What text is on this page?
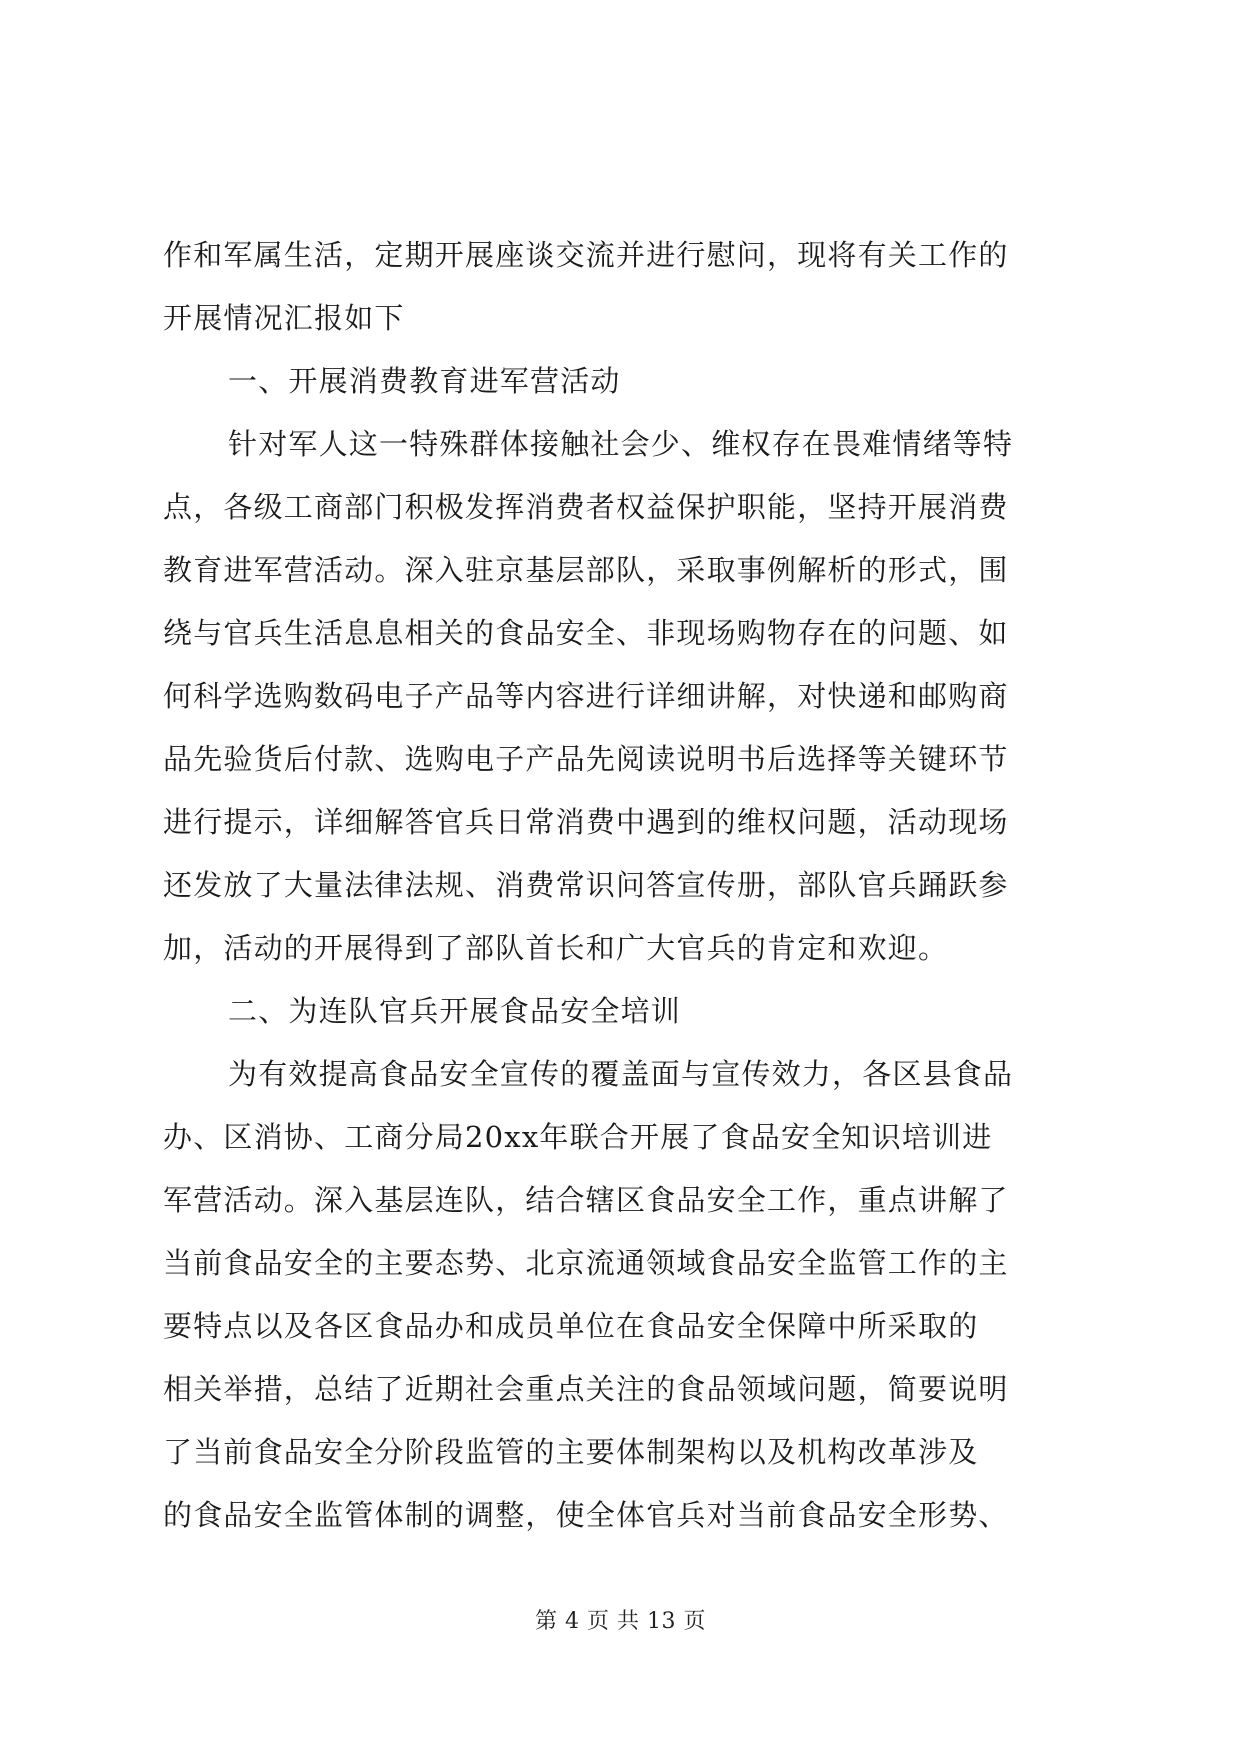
作和军属生活，定期开展座谈交流并进行慰问，现将有关工作的
开展情况汇报如下
一、开展消费教育进军营活动
针对军人这一特殊群体接触社会少、维权存在畏难情绪等特
点，各级工商部门积极发挥消费者权益保护职能，坚持开展消费
教育进军营活动。深入驻京基层部队，采取事例解析的形式，围
绕与官兵生活息息相关的食品安全、非现场购物存在的问题、如
何科学选购数码电子产品等内容进行详细讲解，对快递和邮购商
品先验货后付款、选购电子产品先阅读说明书后选择等关键环节
进行提示，详细解答官兵日常消费中遇到的维权问题，活动现场
还发放了大量法律法规、消费常识问答宣传册，部队官兵踊跃参
加，活动的开展得到了部队首长和广大官兵的肯定和欢迎。
二、为连队官兵开展食品安全培训
为有效提高食品安全宣传的覆盖面与宣传效力，各区县食品
办、区消协、工商分局20xx年联合开展了食品安全知识培训进
军营活动。深入基层连队，结合辖区食品安全工作，重点讲解了
当前食品安全的主要态势、北京流通领域食品安全监管工作的主
要特点以及各区食品办和成员单位在食品安全保障中所采取的
相关举措，总结了近期社会重点关注的食品领域问题，简要说明
了当前食品安全分阶段监管的主要体制架构以及机构改革涉及
的食品安全监管体制的调整，使全体官兵对当前食品安全形势、
第 4 页 共 13 页
